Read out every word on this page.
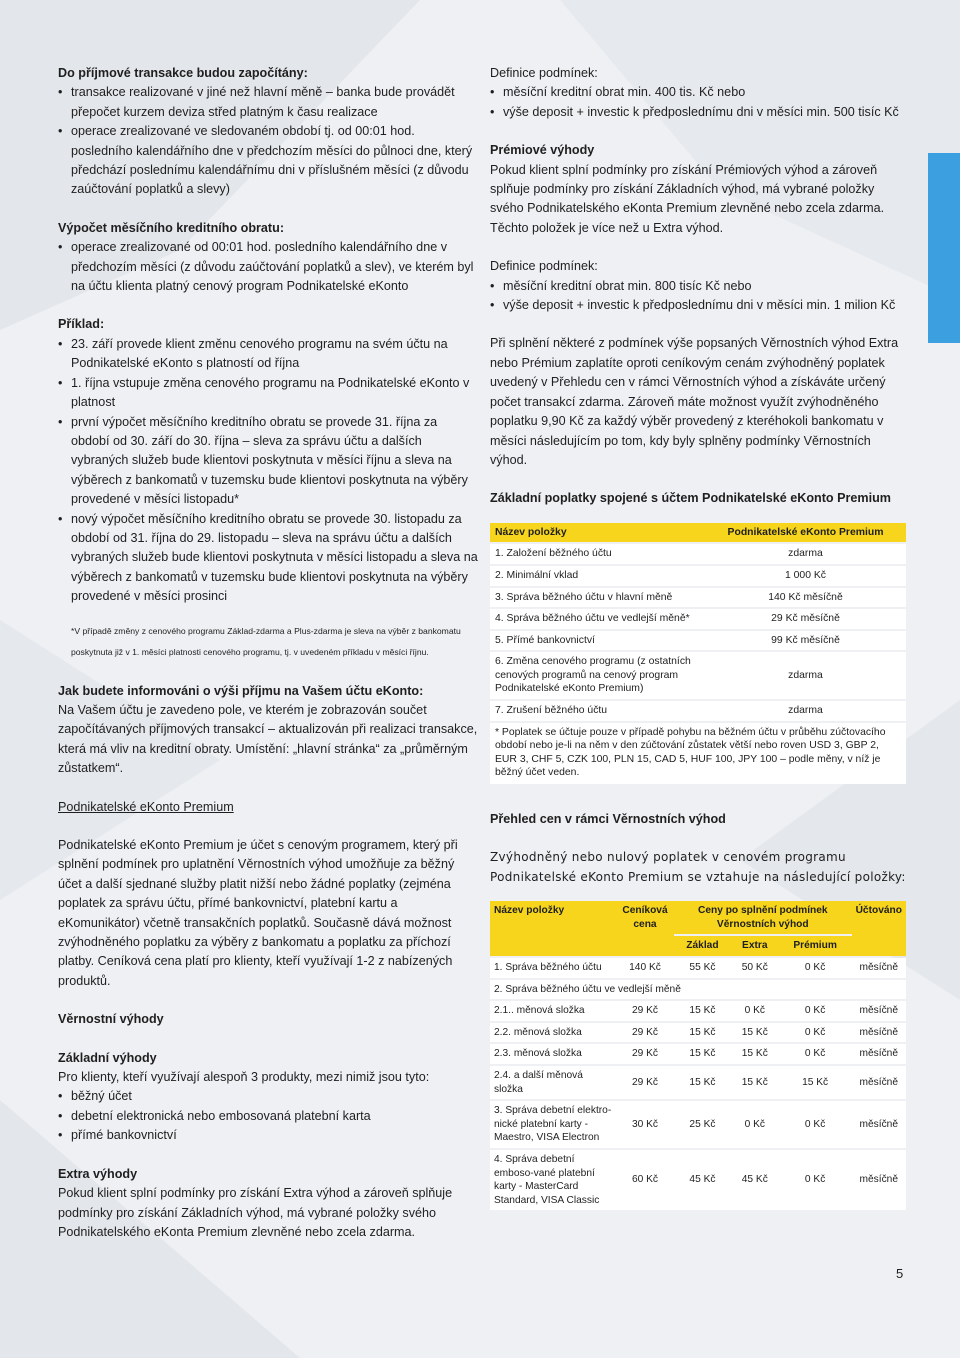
Do příjmové transakce budou započítány:
• transakce realizované v jiné než hlavní měně – banka bude provádět přepočet kurzem deviza střed platným k času realizace
• operace zrealizované ve sledovaném období tj. od 00:01 hod. posledního kalendářního dne v předchozím měsíci do půlnoci dne, který předchází poslednímu kalendářnímu dni v příslušném měsíci (z důvodu zaúčtování poplatků a slevy)
Výpočet měsíčního kreditního obratu:
• operace zrealizované od 00:01 hod. posledního kalendářního dne v předchozím měsíci (z důvodu zaúčtování poplatků a slev), ve kterém byl na účtu klienta platný cenový program Podnikatelské eKonto
Příklad:
• 23. září provede klient změnu cenového programu na svém účtu na Podnikatelské eKonto s platností od října
• 1. října vstupuje změna cenového programu na Podnikatelské eKonto v platnost
• první výpočet měsíčního kreditního obratu se provede 31. října za období od 30. září do 30. října – sleva za správu účtu a dalších vybraných služeb bude klientovi poskytnuta v měsíci říjnu a sleva na výběrech z bankomatů v tuzemsku bude klientovi poskytnuta na výběry provedené v měsíci listopadu*
• nový výpočet měsíčního kreditního obratu se provede 30. listopadu za období od 31. října do 29. listopadu – sleva na správu účtu a dalších vybraných služeb bude klientovi poskytnuta v měsíci listopadu a sleva na výběrech z bankomatů v tuzemsku bude klientovi poskytnuta na výběry provedené v měsíci prosinci
*V případě změny z cenového programu Základ-zdarma a Plus-zdarma je sleva na výběr z bankomatu poskytnuta již v 1. měsíci platnosti cenového programu, tj. v uvedeném příkladu v měsíci říjnu.
Jak budete informováni o výši příjmu na Vašem účtu eKonto:

Na Vašem účtu je zavedeno pole, ve kterém je zobrazován součet započítávaných příjmových transakcí – aktualizován při realizaci transakce, která má vliv na kreditní obraty. Umístění: „hlavní stránka“ za „průměrným zůstatkem“.

Podnikatelské eKonto Premium

Podnikatelské eKonto Premium je účet s cenovým programem, který při splnění podmínek pro uplatnění Věrnostních výhod umožňuje za běžný účet a další sjednané služby platit nižší nebo žádné poplatky (zejména poplatek za správu účtu, přímé bankovnictví, platební kartu a eKomunikátor) včetně transakčních poplatků. Současně dává možnost zvýhodněného poplatku za výběry z bankomatu a poplatku za příchozí platby. Ceníková cena platí pro klienty, kteří využívají 1-2 z nabízených produktů.

Věrnostní výhody
Základní výhody

Pro klienty, kteří využívají alespoň 3 produkty, mezi nimiž jsou tyto:

• běžný účet
• debetní elektronická nebo embosovaná platební karta
• přímé bankovnictví
Extra výhody

Pokud klient splní podmínky pro získání Extra výhod a zároveň splňuje podmínky pro získání Základních výhod, má vybrané položky svého Podnikatelského eKonta Premium zlevněné nebo zcela zdarma.

Definice podmínek:
• měsíční kreditní obrat min. 400 tis. Kč nebo
• výše deposit + investic k předposlednímu dni v měsíci min. 500 tisíc Kč
Prémiové výhody

Pokud klient splní podmínky pro získání Prémiových výhod a zároveň splňuje podmínky pro získání Základních výhod, má vybrané položky svého Podnikatelského eKonta Premium zlevněné nebo zcela zdarma. Těchto položek je více než u Extra výhod.

Definice podmínek:
• měsíční kreditní obrat min. 800 tisíc Kč nebo
• výše deposit + investic k předposlednímu dni v měsíci min. 1 milion Kč

Při splnění některé z podmínek výše popsaných Věrnostních výhod Extra nebo Prémium zaplatíte oproti ceníkovým cenám zvýhodněný poplatek uvedený v Přehledu cen v rámci Věrnostních výhod a získáváte určený počet transakcí zdarma. Zároveň máte možnost využít zvýhodněného poplatku 9,90 Kč za každý výběr provedený z kteréhokoli bankomatu v měsíci následujícím po tom, kdy byly splněny podmínky Věrnostních výhod.

Základní poplatky spojené s účtem Podnikatelské eKonto Premium
Název položky	Podnikatelské eKonto Premium
1. Založení běžného účtu	zdarma
2. Minimální vklad	1 000 Kč
3. Správa běžného účtu v hlavní měně	140 Kč měsíčně
4. Správa běžného účtu ve vedlejší měně*	29 Kč měsíčně
5. Přímé bankovnictví	99 Kč měsíčně
6. Změna cenového programu (z ostatních cenových programů na cenový program Podnikatelské eKonto Premium)	zdarma
7. Zrušení běžného účtu	zdarma
* Poplatek se účtuje pouze v případě pohybu na běžném účtu v průběhu zúčtovacího období nebo je-li na něm v den zúčtování zůstatek větší nebo roven USD 3, GBP 2, EUR 3, CHF 5, CZK 100, PLN 15, CAD 5, HUF 100, JPY 100 – podle měny, v níž je běžný účet veden.
Přehled cen v rámci Věrnostních výhod

Zvýhodněný nebo nulový poplatek v cenovém programu Podnikatelské eKonto Premium se vztahuje na následující položky:

Název položky	Ceníková cena	Ceny po splnění podmínek Věrnostních výhod			Účtováno
		Základ	Extra	Prémium	
1. Správa běžného účtu	140 Kč	55 Kč	50 Kč	0 Kč	měsíčně
2. Správa běžného účtu ve vedlejší měně					
2.1.. měnová složka	29 Kč	15 Kč	0 Kč	0 Kč	měsíčně
2.2. měnová složka	29 Kč	15 Kč	15 Kč	0 Kč	měsíčně
2.3. měnová složka	29 Kč	15 Kč	15 Kč	0 Kč	měsíčně
2.4. a další měnová složka	29 Kč	15 Kč	15 Kč	15 Kč	měsíčně
3. Správa debetní elektro-nické platební karty - Maestro, VISA Electron	30 Kč	25 Kč	0 Kč	0 Kč	měsíčně
4. Správa debetní emboso-vané platební karty - MasterCard Standard, VISA Classic	60 Kč	45 Kč	45 Kč	0 Kč	měsíčně
5
